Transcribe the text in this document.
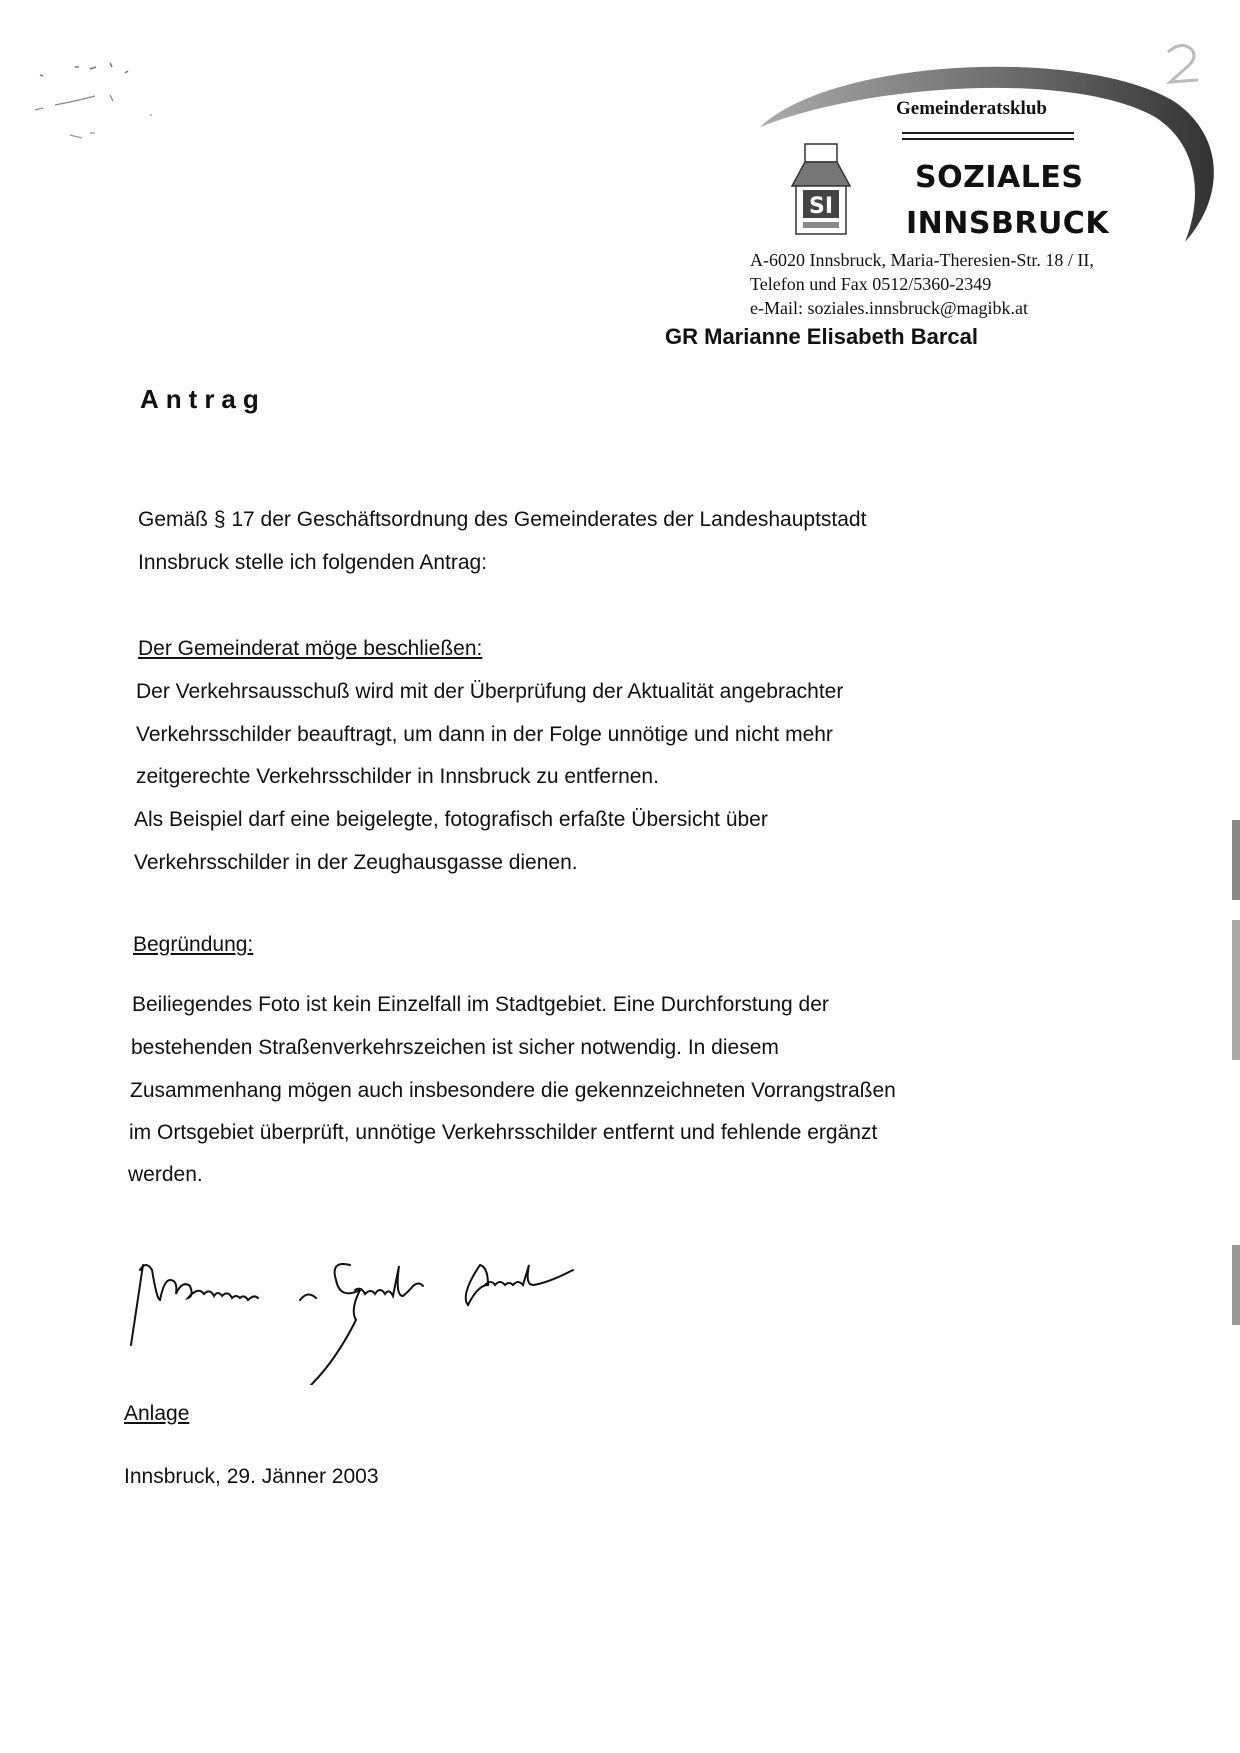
Gemeinderatsklub
SI
SOZIALES
INNSBRUCK
A-6020 Innsbruck, Maria-Theresien-Str. 18 / II,
Telefon und Fax 0512/5360-2349
e-Mail: soziales.innsbruck@magibk.at
GR Marianne Elisabeth Barcal
Antrag
Gemäß § 17 der Geschäftsordnung des Gemeinderates der Landeshauptstadt
Innsbruck stelle ich folgenden Antrag:
Der Gemeinderat möge beschließen:
Der Verkehrsausschuß wird mit der Überprüfung der Aktualität angebrachter
Verkehrsschilder beauftragt, um dann in der Folge unnötige und nicht mehr
zeitgerechte Verkehrsschilder in Innsbruck zu entfernen.
Als Beispiel darf eine beigelegte, fotografisch erfaßte Übersicht über
Verkehrsschilder in der Zeughausgasse dienen.
Begründung:
Beiliegendes Foto ist kein Einzelfall im Stadtgebiet. Eine Durchforstung der
bestehenden Straßenverkehrszeichen ist sicher notwendig. In diesem
Zusammenhang mögen auch insbesondere die gekennzeichneten Vorrangstraßen
im Ortsgebiet überprüft, unnötige Verkehrsschilder entfernt und fehlende ergänzt
werden.
Anlage
Innsbruck, 29. Jänner 2003
